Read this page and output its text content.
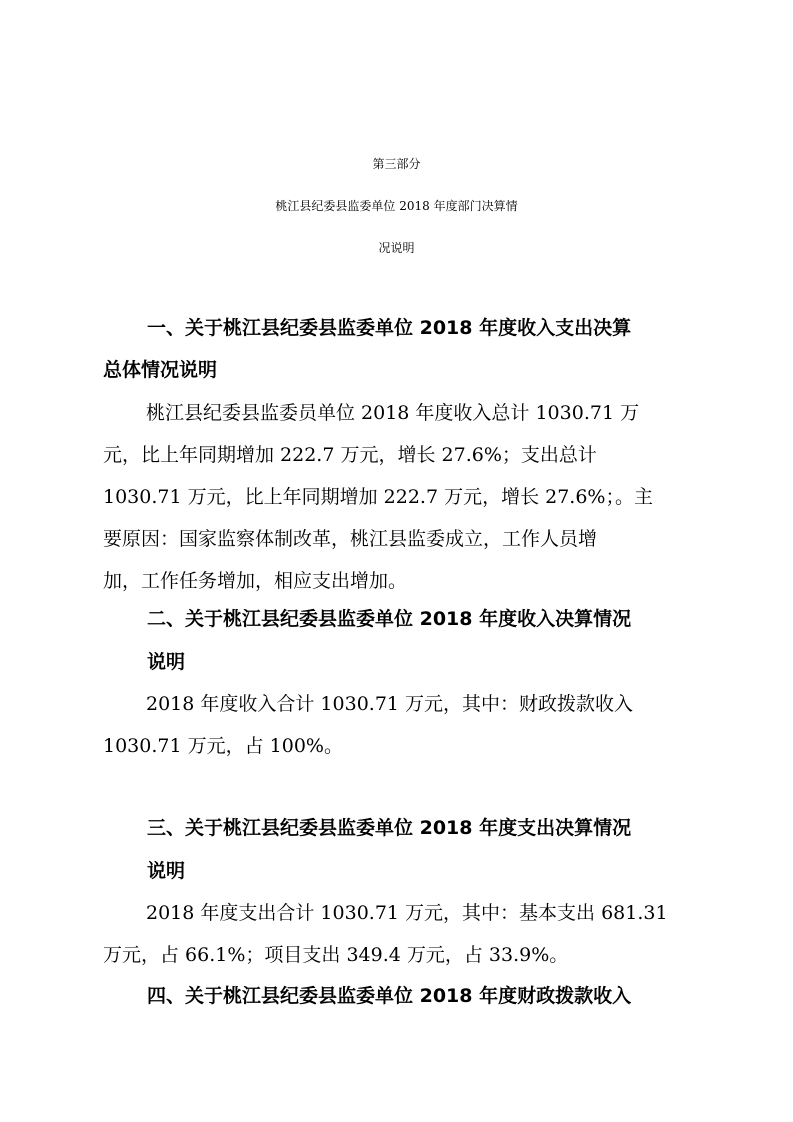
第三部分
桃江县纪委县监委单位 2018 年度部门决算情
况说明
一、关于桃江县纪委县监委单位 2018 年度收入支出决算
总体情况说明
桃江县纪委县监委员单位 2018 年度收入总计 1030.71 万
元，比上年同期增加 222.7 万元，增长 27.6%；支出总计
1030.71 万元，比上年同期增加 222.7 万元，增长 27.6%；。主
要原因：国家监察体制改革，桃江县监委成立，工作人员增
加，工作任务增加，相应支出增加。
二、关于桃江县纪委县监委单位 2018 年度收入决算情况
说明
2018 年度收入合计 1030.71 万元，其中：财政拨款收入
1030.71 万元，占 100%。
三、关于桃江县纪委县监委单位 2018 年度支出决算情况
说明
2018 年度支出合计 1030.71 万元，其中：基本支出 681.31
万元，占 66.1%；项目支出 349.4 万元，占 33.9%。
四、关于桃江县纪委县监委单位 2018 年度财政拨款收入
